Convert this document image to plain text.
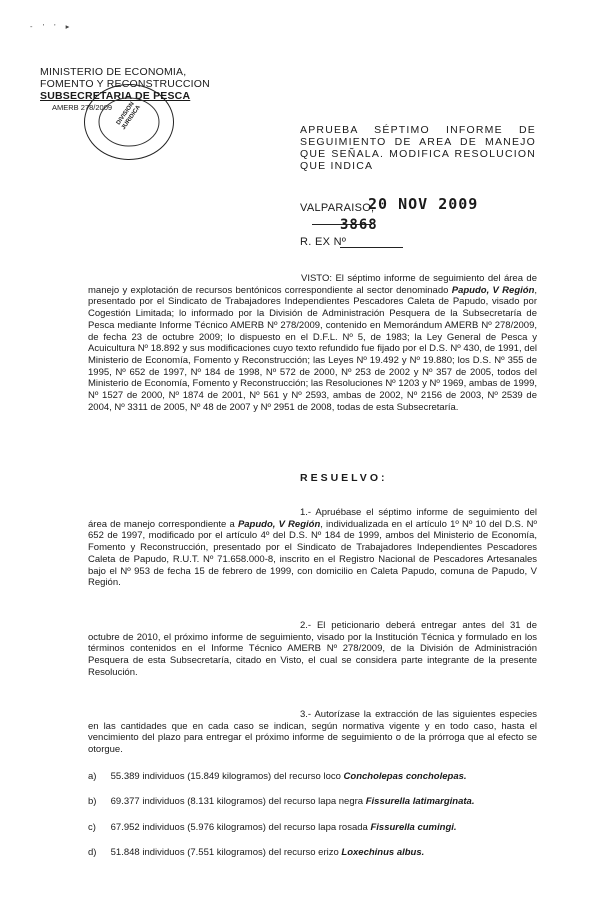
- ' ' ▸
MINISTERIO DE ECONOMIA,
FOMENTO Y RECONSTRUCCION
SUBSECRETARIA DE PESCA
AMERB 278/2009 DIVISION JURIDICA	APRUEBA SÉPTIMO INFORME DE SEGUIMIENTO DE AREA DE MANEJO QUE SEÑALA. MODIFICA RESOLUCION QUE INDICA
VALPARAISO,
20 NOV 2009
3868
R. EX Nº
VISTO: El séptimo informe de seguimiento del área de manejo y explotación de recursos bentónicos correspondiente al sector denominado Papudo, V Región, presentado por el Sindicato de Trabajadores Independientes Pescadores Caleta de Papudo, visado por Cogestión Limitada; lo informado por la División de Administración Pesquera de la Subsecretaría de Pesca mediante Informe Técnico AMERB Nº 278/2009, contenido en Memorándum AMERB Nº 278/2009, de fecha 23 de octubre 2009; lo dispuesto en el D.F.L. Nº 5, de 1983; la Ley General de Pesca y Acuicultura Nº 18.892 y sus modificaciones cuyo texto refundido fue fijado por el D.S. Nº 430, de 1991, del Ministerio de Economía, Fomento y Reconstrucción; las Leyes Nº 19.492 y Nº 19.880; los D.S. Nº 355 de 1995, Nº 652 de 1997, Nº 184 de 1998, Nº 572 de 2000, Nº 253 de 2002 y Nº 357 de 2005, todos del Ministerio de Economía, Fomento y Reconstrucción; las Resoluciones Nº 1203 y Nº 1969, ambas de 1999, Nº 1527 de 2000, Nº 1874 de 2001, Nº 561 y Nº 2593, ambas de 2002, Nº 2156 de 2003, Nº 2539 de 2004, Nº 3311 de 2005, Nº 48 de 2007 y Nº 2951 de 2008, todas de esta Subsecretaría.
RESUELVO:
1.- Apruébase el séptimo informe de seguimiento del área de manejo correspondiente a Papudo, V Región, individualizada en el artículo 1º Nº 10 del D.S. Nº 652 de 1997, modificado por el artículo 4º del D.S. Nº 184 de 1999, ambos del Ministerio de Economía, Fomento y Reconstrucción, presentado por el Sindicato de Trabajadores Independientes Pescadores Caleta de Papudo, R.U.T. Nº 71.658.000-8, inscrito en el Registro Nacional de Pescadores Artesanales bajo el Nº 953 de fecha 15 de febrero de 1999, con domicilio en Caleta Papudo, comuna de Papudo, V Región.
2.- El peticionario deberá entregar antes del 31 de octubre de 2010, el próximo informe de seguimiento, visado por la Institución Técnica y formulado en los términos contenidos en el Informe Técnico AMERB Nº 278/2009, de la División de Administración Pesquera de esta Subsecretaría, citado en Visto, el cual se considera parte integrante de la presente Resolución.
3.- Autorízase la extracción de las siguientes especies en las cantidades que en cada caso se indican, según normativa vigente y en todo caso, hasta el vencimiento del plazo para entregar el próximo informe de seguimiento o de la prórroga que al efecto se otorgue.
a) 55.389 individuos (15.849 kilogramos) del recurso loco Concholepas concholepas.
b) 69.377 individuos (8.131 kilogramos) del recurso lapa negra Fissurella latimarginata.
c) 67.952 individuos (5.976 kilogramos) del recurso lapa rosada Fissurella cumingi.
d) 51.848 individuos (7.551 kilogramos) del recurso erizo Loxechinus albus.
